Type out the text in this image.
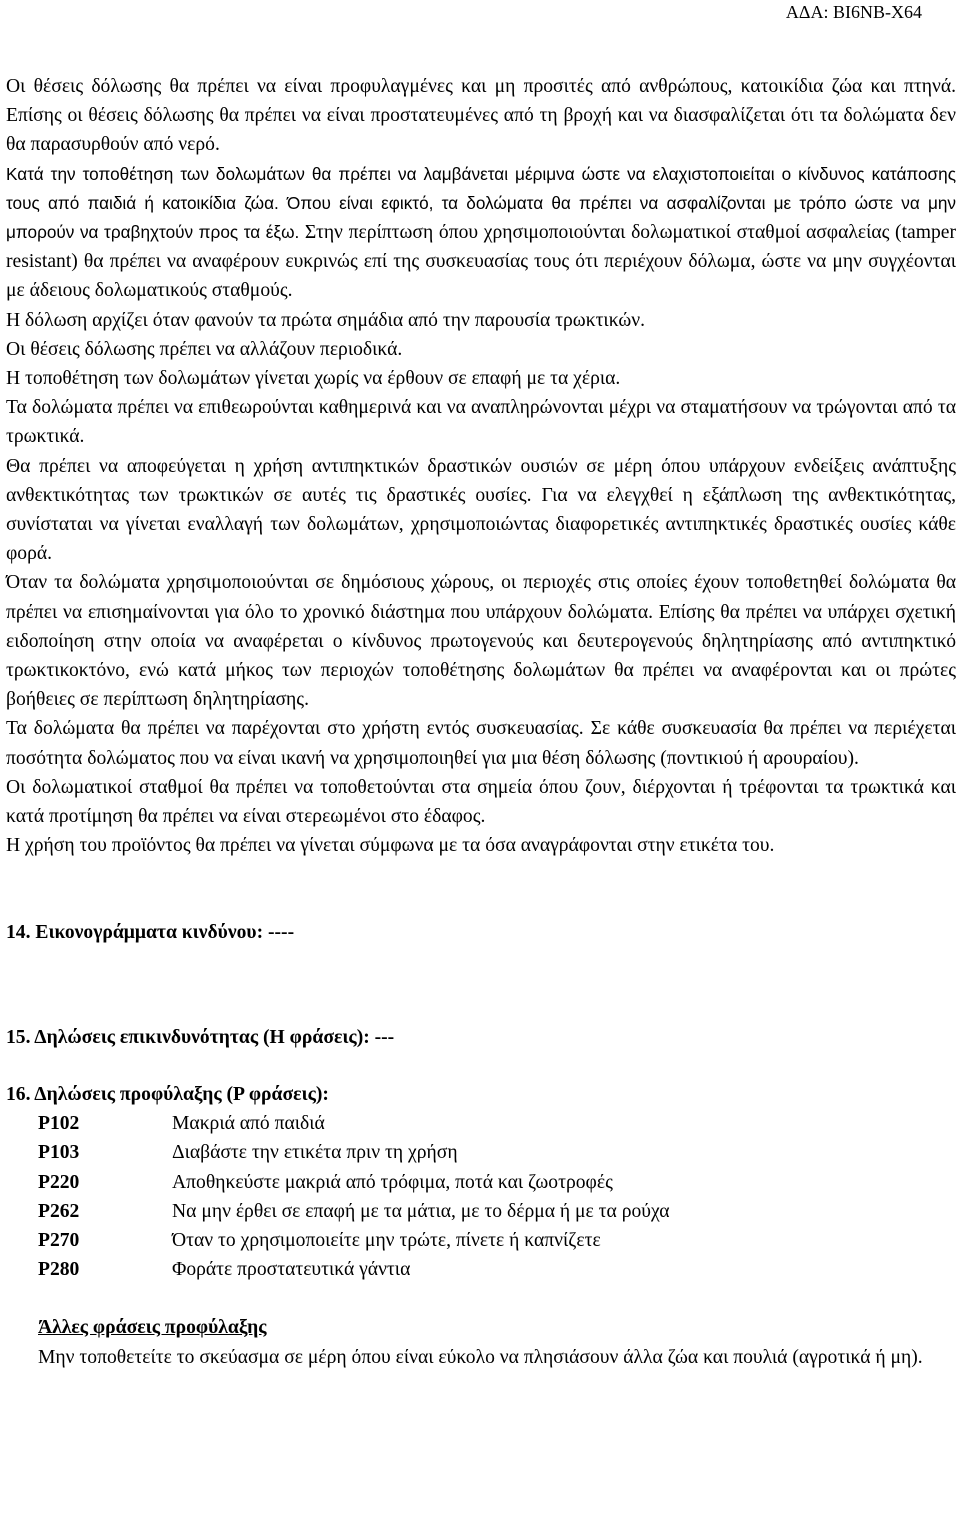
ΑΔΑ: ΒΙ6ΝΒ-Χ64

Οι θέσεις δόλωσης θα πρέπει να είναι προφυλαγμένες και μη προσιτές από ανθρώπους, κατοικίδια ζώα και πτηνά. Επίσης οι θέσεις δόλωσης θα πρέπει να είναι προστατευμένες από τη βροχή και να διασφαλίζεται ότι τα δολώματα δεν θα παρασυρθούν από νερό.

Κατά την τοποθέτηση των δολωμάτων θα πρέπει να λαμβάνεται μέριμνα ώστε να ελαχιστοποιείται ο κίνδυνος κατάποσης τους από παιδιά ή κατοικίδια ζώα. Όπου είναι εφικτό, τα δολώματα θα πρέπει να ασφαλίζονται με τρόπο ώστε να μην μπορούν να τραβηχτούν προς τα έξω. Στην περίπτωση όπου χρησιμοποιούνται δολωματικοί σταθμοί ασφαλείας (tamper resistant) θα πρέπει να αναφέρουν ευκρινώς επί της συσκευασίας τους ότι περιέχουν δόλωμα, ώστε να μην συγχέονται με άδειους δολωματικούς σταθμούς.

Η δόλωση αρχίζει όταν φανούν τα πρώτα σημάδια από την παρουσία τρωκτικών.

Οι θέσεις δόλωσης πρέπει να αλλάζουν περιοδικά.

Η τοποθέτηση των δολωμάτων γίνεται χωρίς να έρθουν σε επαφή με τα χέρια.

Τα δολώματα πρέπει να επιθεωρούνται καθημερινά και να αναπληρώνονται μέχρι να σταματήσουν να τρώγονται από τα τρωκτικά.

Θα πρέπει να αποφεύγεται η χρήση αντιπηκτικών δραστικών ουσιών σε μέρη όπου υπάρχουν ενδείξεις ανάπτυξης ανθεκτικότητας των τρωκτικών σε αυτές τις δραστικές ουσίες. Για να ελεγχθεί η εξάπλωση της ανθεκτικότητας, συνίσταται να γίνεται εναλλαγή των δολωμάτων, χρησιμοποιώντας διαφορετικές αντιπηκτικές δραστικές ουσίες κάθε φορά.

Όταν τα δολώματα χρησιμοποιούνται σε δημόσιους χώρους, οι περιοχές στις οποίες έχουν τοποθετηθεί δολώματα θα πρέπει να επισημαίνονται για όλο το χρονικό διάστημα που υπάρχουν δολώματα. Επίσης θα πρέπει να υπάρχει σχετική ειδοποίηση στην οποία να αναφέρεται ο κίνδυνος πρωτογενούς και δευτερογενούς δηλητηρίασης από αντιπηκτικό τρωκτικοκτόνο, ενώ κατά μήκος των περιοχών τοποθέτησης δολωμάτων θα πρέπει να αναφέρονται και οι πρώτες βοήθειες σε περίπτωση δηλητηρίασης.

Τα δολώματα θα πρέπει να παρέχονται στο χρήστη εντός συσκευασίας. Σε κάθε συσκευασία θα πρέπει να περιέχεται ποσότητα δολώματος που να είναι ικανή να χρησιμοποιηθεί για μια θέση δόλωσης (ποντικιού ή αρουραίου).

Οι δολωματικοί σταθμοί θα πρέπει να τοποθετούνται στα σημεία όπου ζουν, διέρχονται ή τρέφονται τα τρωκτικά και κατά προτίμηση θα πρέπει να είναι στερεωμένοι στο έδαφος.

Η χρήση του προϊόντος θα πρέπει να γίνεται σύμφωνα με τα όσα αναγράφονται στην ετικέτα του.

14. Εικονογράμματα κινδύνου: ----

15. Δηλώσεις επικινδυνότητας (Η φράσεις): ---

16. Δηλώσεις προφύλαξης (Ρ φράσεις):

P102	Μακριά από παιδιά
P103	Διαβάστε την ετικέτα πριν τη χρήση
P220	Αποθηκεύστε μακριά από τρόφιμα, ποτά και ζωοτροφές
P262	Να μην έρθει σε επαφή με τα μάτια, με το δέρμα ή με τα ρούχα
P270	Όταν το χρησιμοποιείτε μην τρώτε, πίνετε ή καπνίζετε
P280	Φοράτε προστατευτικά γάντια
Άλλες φράσεις προφύλαξης

Μην τοποθετείτε το σκεύασμα σε μέρη όπου είναι εύκολο να πλησιάσουν άλλα ζώα και πουλιά (αγροτικά ή μη).
